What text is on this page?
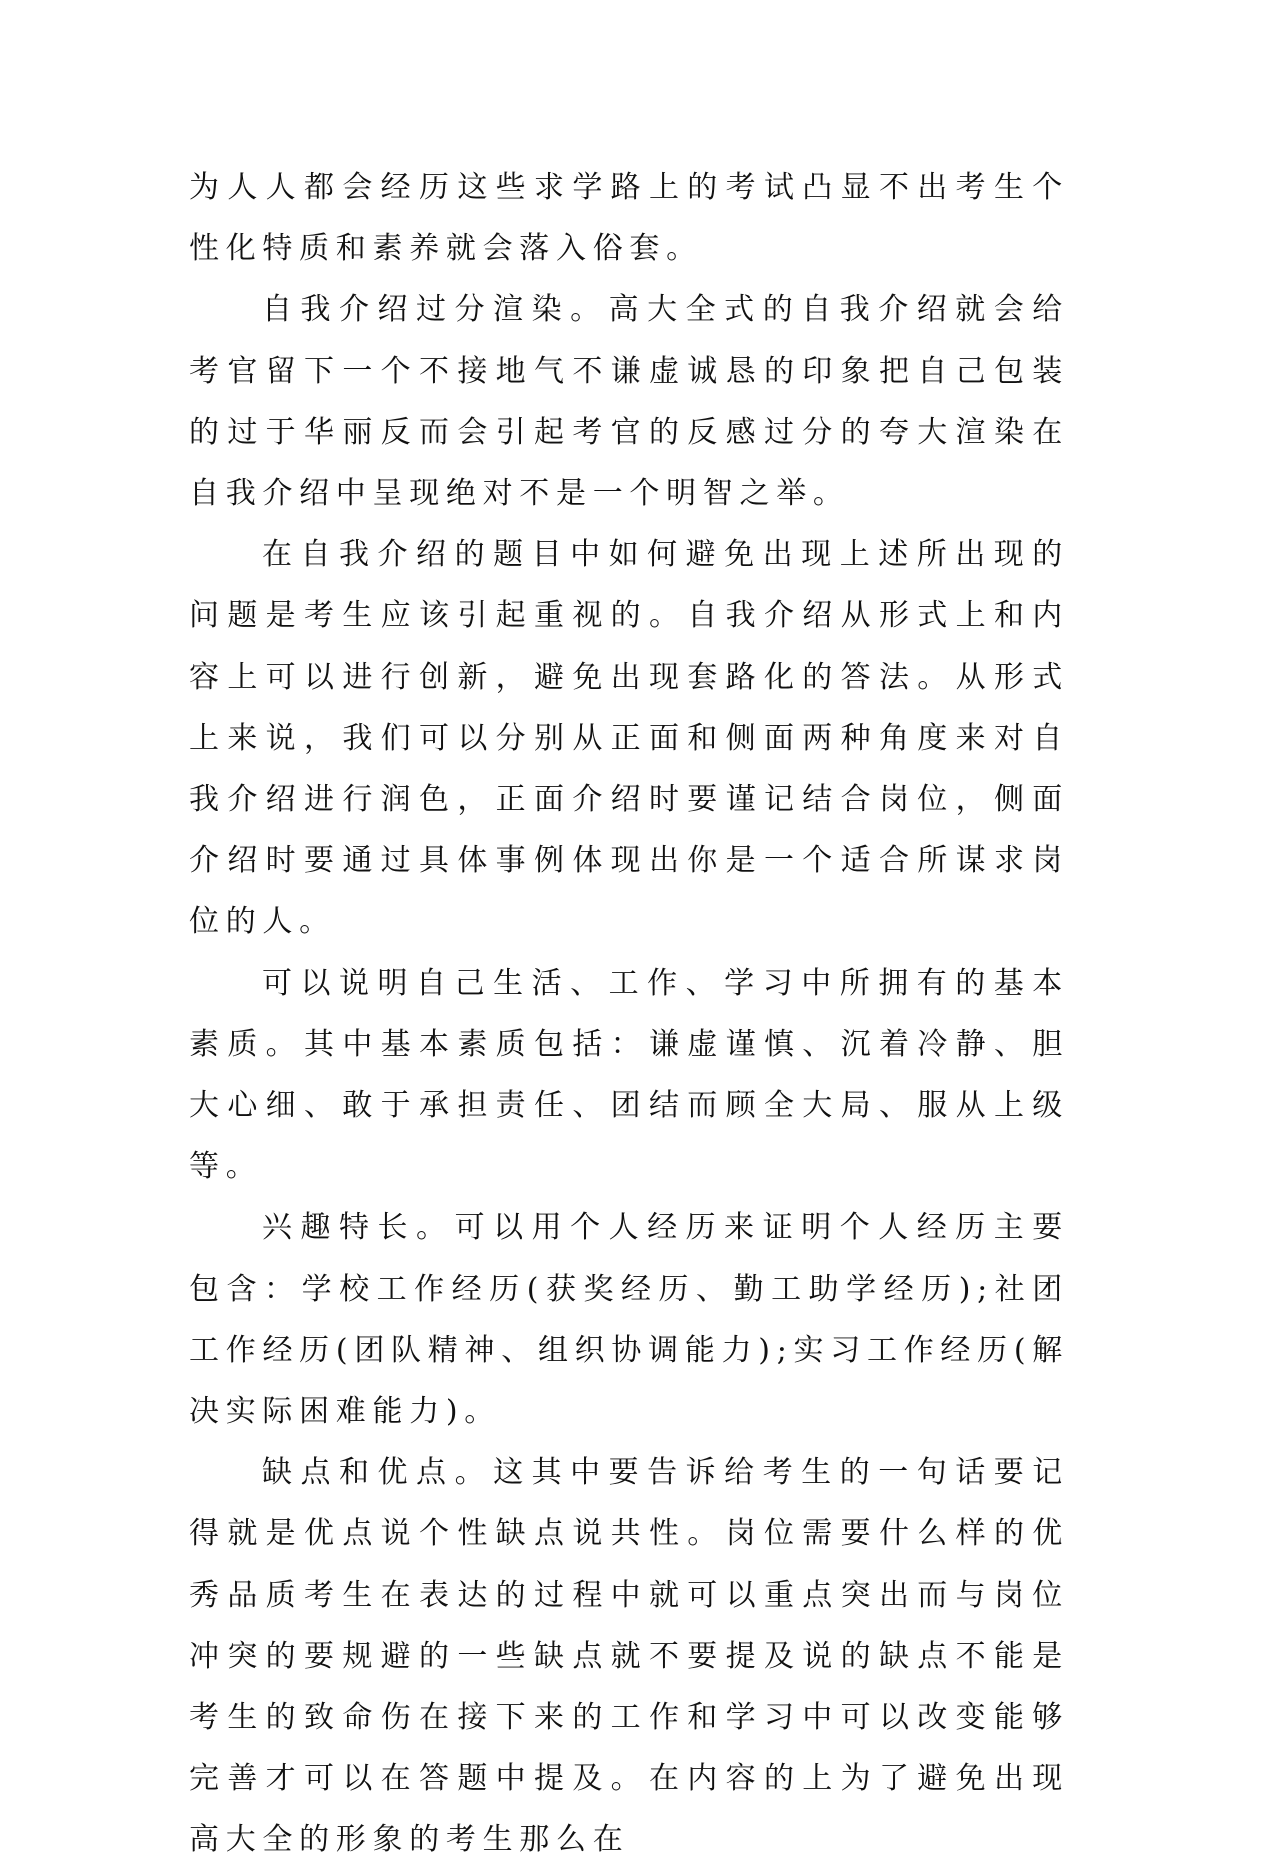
为人人都会经历这些求学路上的考试凸显不出考生个性化特质和素养就会落入俗套。

自我介绍过分渲染。高大全式的自我介绍就会给考官留下一个不接地气不谦虚诚恳的印象把自己包装的过于华丽反而会引起考官的反感过分的夸大渲染在自我介绍中呈现绝对不是一个明智之举。

在自我介绍的题目中如何避免出现上述所出现的问题是考生应该引起重视的。自我介绍从形式上和内容上可以进行创新，避免出现套路化的答法。从形式上来说，我们可以分别从正面和侧面两种角度来对自我介绍进行润色，正面介绍时要谨记结合岗位，侧面介绍时要通过具体事例体现出你是一个适合所谋求岗位的人。

可以说明自己生活、工作、学习中所拥有的基本素质。其中基本素质包括：谦虚谨慎、沉着冷静、胆大心细、敢于承担责任、团结而顾全大局、服从上级等。

兴趣特长。可以用个人经历来证明个人经历主要包含：学校工作经历(获奖经历、勤工助学经历);社团工作经历(团队精神、组织协调能力);实习工作经历(解决实际困难能力)。

缺点和优点。这其中要告诉给考生的一句话要记得就是优点说个性缺点说共性。岗位需要什么样的优秀品质考生在表达的过程中就可以重点突出而与岗位冲突的要规避的一些缺点就不要提及说的缺点不能是考生的致命伤在接下来的工作和学习中可以改变能够完善才可以在答题中提及。在内容的上为了避免出现高大全的形象的考生那么在
